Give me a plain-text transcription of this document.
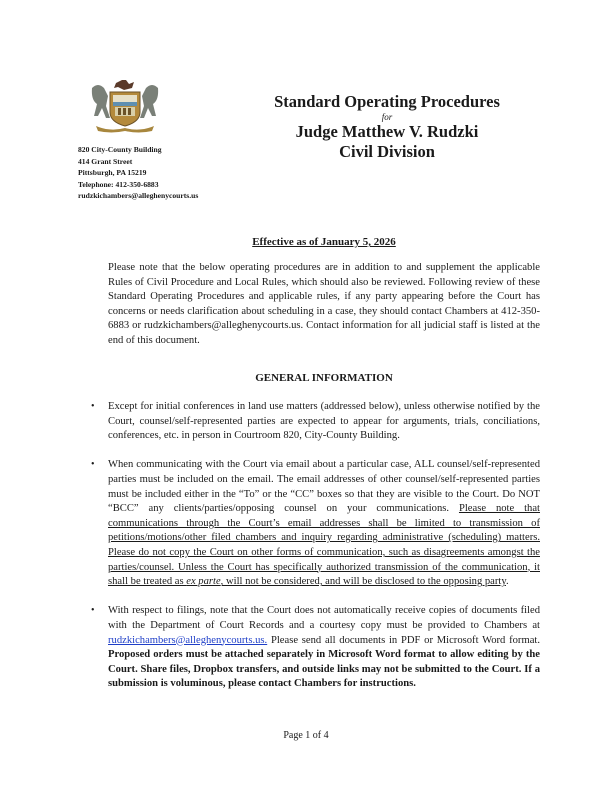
820 City-County Building
414 Grant Street
Pittsburgh, PA 15219
Telephone: 412-350-6883
rudzkichambers@alleghenycourts.us
Standard Operating Procedures
for
Judge Matthew V. Rudzki
Civil Division
Effective as of January 5, 2026
Please note that the below operating procedures are in addition to and supplement the applicable Rules of Civil Procedure and Local Rules, which should also be reviewed. Following review of these Standard Operating Procedures and applicable rules, if any party appearing before the Court has concerns or needs clarification about scheduling in a case, they should contact Chambers at 412-350-6883 or rudzkichambers@alleghenycourts.us. Contact information for all judicial staff is listed at the end of this document.
GENERAL INFORMATION
• Except for initial conferences in land use matters (addressed below), unless otherwise notified by the Court, counsel/self-represented parties are expected to appear for arguments, trials, conciliations, conferences, etc. in person in Courtroom 820, City-County Building.
• When communicating with the Court via email about a particular case, ALL counsel/self-represented parties must be included on the email. The email addresses of other counsel/self-represented parties must be included either in the “To” or the “CC” boxes so that they are visible to the Court. Do NOT “BCC” any clients/parties/opposing counsel on your communications. Please note that communications through the Court’s email addresses shall be limited to transmission of petitions/motions/other filed chambers and inquiry regarding administrative (scheduling) matters. Please do not copy the Court on other forms of communication, such as disagreements amongst the parties/counsel. Unless the Court has specifically authorized transmission of the communication, it shall be treated as ex parte, will not be considered, and will be disclosed to the opposing party.
• With respect to filings, note that the Court does not automatically receive copies of documents filed with the Department of Court Records and a courtesy copy must be provided to Chambers at rudzkichambers@alleghenycourts.us. Please send all documents in PDF or Microsoft Word format. Proposed orders must be attached separately in Microsoft Word format to allow editing by the Court. Share files, Dropbox transfers, and outside links may not be submitted to the Court. If a submission is voluminous, please contact Chambers for instructions.
Page 1 of 4
